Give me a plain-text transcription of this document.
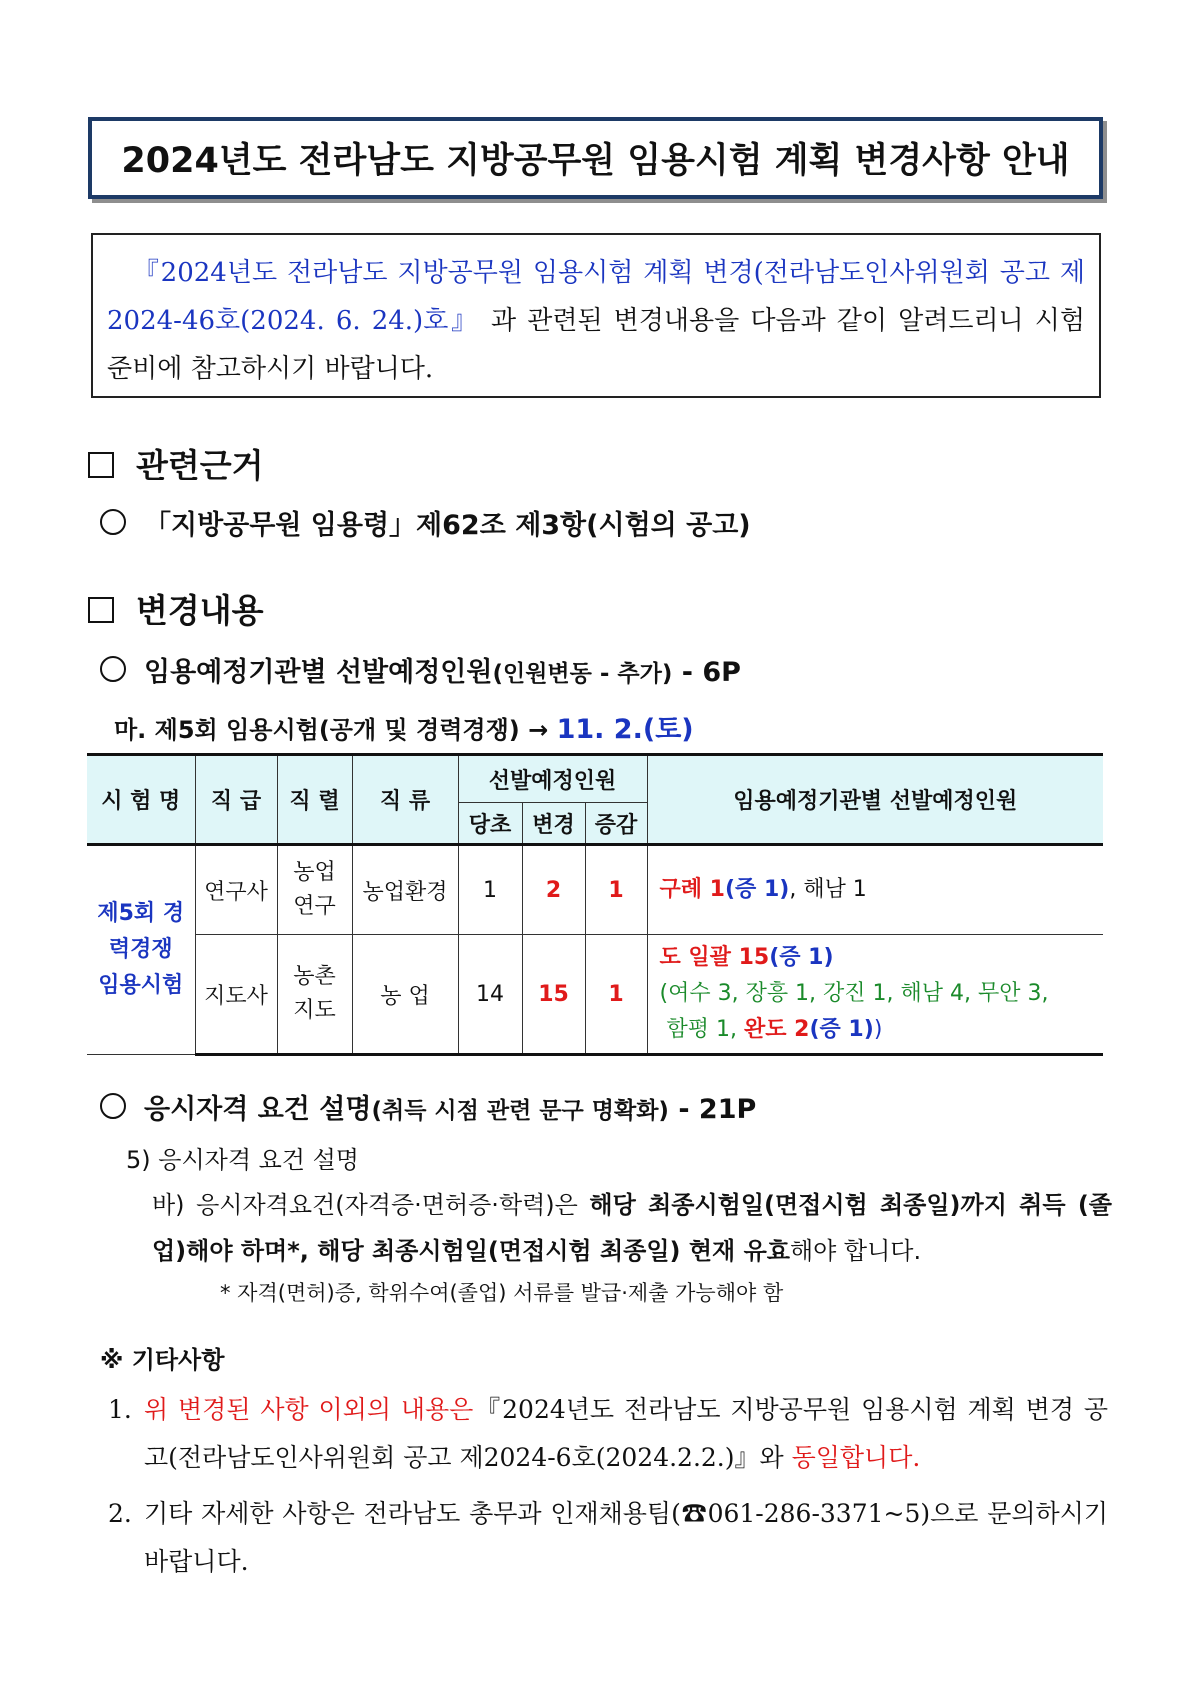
2024년도 전라남도 지방공무원 임용시험 계획 변경사항 안내

『2024년도 전라남도 지방공무원 임용시험 계획 변경(전라남도인사위원회 공고 제2024-46호(2024. 6. 24.)호』 과 관련된 변경내용을 다음과 같이 알려드리니 시험 준비에 참고하시기 바랍니다.

관련근거
「지방공무원 임용령」제62조 제3항(시험의 공고)
변경내용
임용예정기관별 선발예정인원(인원변동 - 추가) - 6P
마. 제5회 임용시험(공개 및 경력경쟁) → 11. 2.(토)
시 험 명	직 급	직 렬	직 류	선발예정인원			임용예정기관별 선발예정인원
				당초	변경	증감	
제5회 경력경쟁 임용시험	연구사	농업 연구	농업환경	1	2	1	구례 1(증 1), 해남 1
	지도사	농촌 지도	농 업	14	15	1	도 일괄 15(증 1)
(여수 3, 장흥 1, 강진 1, 해남 4, 무안 3,
함평 1, 완도 2(증 1))
응시자격 요건 설명(취득 시점 관련 문구 명확화) - 21P
5) 응시자격 요건 설명
바) 응시자격요건(자격증·면허증·학력)은 해당 최종시험일(면접시험 최종일)까지 취득 (졸업)해야 하며*, 해당 최종시험일(면접시험 최종일) 현재 유효해야 합니다.
* 자격(면허)증, 학위수여(졸업) 서류를 발급·제출 가능해야 함
※ 기타사항
1. 위 변경된 사항 이외의 내용은『2024년도 전라남도 지방공무원 임용시험 계획 변경 공고(전라남도인사위원회 공고 제2024-6호(2024.2.2.)』와 동일합니다.
2. 기타 자세한 사항은 전라남도 총무과 인재채용팀(☎061-286-3371~5)으로 문의하시기 바랍니다.
